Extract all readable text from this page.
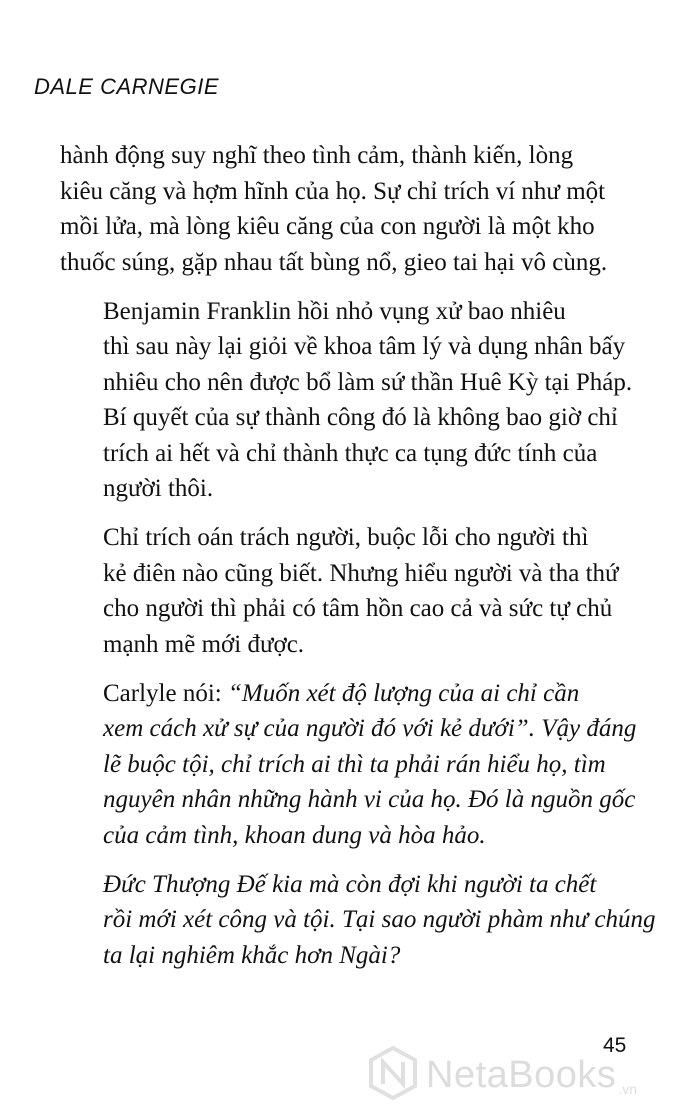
DALE CARNEGIE

hành động suy nghĩ theo tình cảm, thành kiến, lòng
kiêu căng và hợm hĩnh của họ. Sự chỉ trích ví như một
mồi lửa, mà lòng kiêu căng của con người là một kho
thuốc súng, gặp nhau tất bùng nổ, gieo tai hại vô cùng.

Benjamin Franklin hồi nhỏ vụng xử bao nhiêu
thì sau này lại giỏi về khoa tâm lý và dụng nhân bấy
nhiêu cho nên được bổ làm sứ thần Huê Kỳ tại Pháp.
Bí quyết của sự thành công đó là không bao giờ chỉ
trích ai hết và chỉ thành thực ca tụng đức tính của
người thôi.

Chỉ trích oán trách người, buộc lỗi cho người thì
kẻ điên nào cũng biết. Nhưng hiểu người và tha thứ
cho người thì phải có tâm hồn cao cả và sức tự chủ
mạnh mẽ mới được.

Carlyle nói: “Muốn xét độ lượng của ai chỉ cần
xem cách xử sự của người đó với kẻ dưới”. Vậy đáng
lẽ buộc tội, chỉ trích ai thì ta phải rán hiểu họ, tìm
nguyên nhân những hành vi của họ. Đó là nguồn gốc
của cảm tình, khoan dung và hòa hảo.

Đức Thượng Đế kia mà còn đợi khi người ta chết
rồi mới xét công và tội. Tại sao người phàm như chúng
ta lại nghiêm khắc hơn Ngài?

45
NetaBooks .vn
